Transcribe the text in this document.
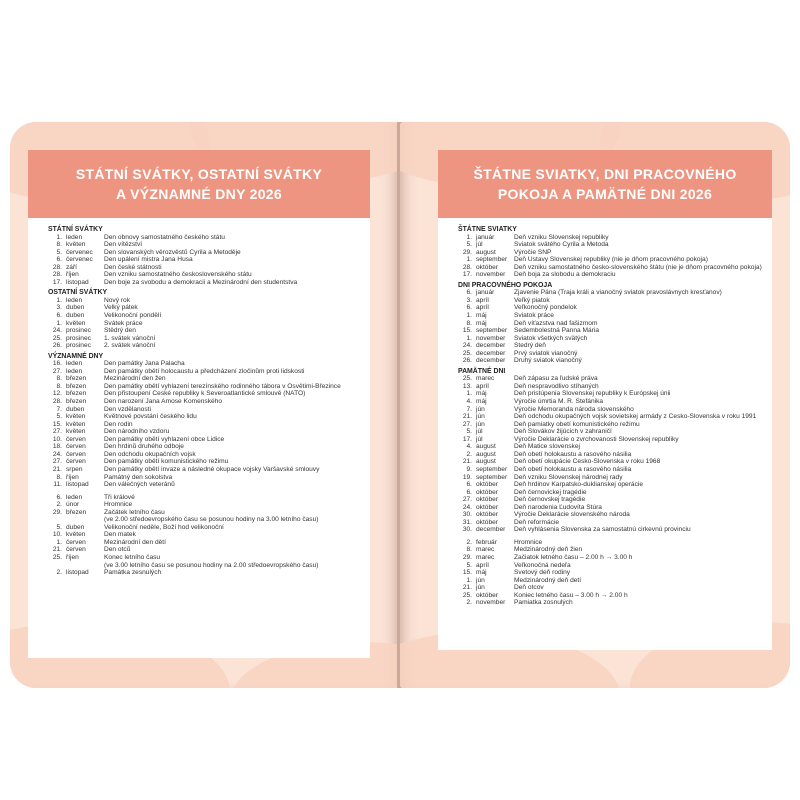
STÁTNÍ SVÁTKY, OSTATNÍ SVÁTKY
A VÝZNAMNÉ DNY 2026
STÁTNÍ SVÁTKY
1. leden	Den obnovy samostatného českého státu
8. květen	Den vítězství
5. červenec	Den slovanských věrozvěstů Cyrila a Metoděje
6. červenec	Den upálení mistra Jana Husa
28. září	Den české státnosti
28. říjen	Den vzniku samostatného československého státu
17. listopad	Den boje za svobodu a demokracii a Mezinárodní den studentstva
OSTATNÍ SVÁTKY
1. leden	Nový rok
3. duben	Velký pátek
6. duben	Velikonoční pondělí
1. květen	Svátek práce
24. prosinec	Štědrý den
25. prosinec	1. svátek vánoční
26. prosinec	2. svátek vánoční
VÝZNAMNÉ DNY
16. leden	Den památky Jana Palacha
27. leden	Den památky obětí holocaustu a předcházení zločinům proti lidskosti
8. březen	Mezinárodní den žen
8. březen	Den památky obětí vyhlazení terezínského rodinného tábora v Osvětimi-Březince
12. březen	Den přistoupení České republiky k Severoatlantické smlouvě (NATO)
28. březen	Den narození Jana Amose Komenského
7. duben	Den vzdělanosti
5. květen	Květnové povstání českého lidu
15. květen	Den rodin
27. květen	Den národního vzdoru
10. červen	Den památky obětí vyhlazení obce Lidice
18. červen	Den hrdinů druhého odboje
24. červen	Den odchodu okupačních vojsk
27. červen	Den památky obětí komunistického režimu
21. srpen	Den památky obětí invaze a následné okupace vojsky Varšavské smlouvy
8. říjen	Památný den sokolstva
11. listopad	Den válečných veteránů
6. leden	Tři králové
2. únor	Hromnice
29. březen	Začátek letního času
(ve 2.00 středoevropského času se posunou hodiny na 3.00 letního času)
5. duben	Velikonoční neděle, Boží hod velikonoční
10. květen	Den matek
1. červen	Mezinárodní den dětí
21. červen	Den otců
25. říjen	Konec letního času
(ve 3.00 letního času se posunou hodiny na 2.00 středoevropského času)
2. listopad	Památka zesnulých
ŠTÁTNE SVIATKY, DNI PRACOVNÉHO
POKOJA A PAMÄTNÉ DNI 2026
ŠTÁTNE SVIATKY
1. január	Deň vzniku Slovenskej republiky
5. júl	Sviatok svätého Cyrila a Metoda
29. august	Výročie SNP
1. september	Deň Ústavy Slovenskej republiky (nie je dňom pracovného pokoja)
28. október	Deň vzniku samostatného česko-slovenského štátu (nie je dňom pracovného pokoja)
17. november	Deň boja za slobodu a demokraciu
DNI PRACOVNÉHO POKOJA
6. január	Zjavenie Pána (Traja králi a vianočný sviatok pravoslávnych kresťanov)
3. apríl	Veľký piatok
6. apríl	Veľkonočný pondelok
1. máj	Sviatok práce
8. máj	Deň víťazstva nad fašizmom
15. september	Sedembolestná Panna Mária
1. november	Sviatok všetkých svätých
24. december	Štedrý deň
25. december	Prvý sviatok vianočný
26. december	Druhý sviatok vianočný
PAMÄTNÉ DNI
25. marec	Deň zápasu za ľudské práva
13. apríl	Deň nespravodlivo stíhaných
1. máj	Deň pristúpenia Slovenskej republiky k Európskej únii
4. máj	Výročie úmrtia M. R. Štefánika
7. jún	Výročie Memoranda národa slovenského
21. jún	Deň odchodu okupačných vojsk sovietskej armády z Česko-Slovenska v roku 1991
27. jún	Deň pamiatky obetí komunistického režimu
5. júl	Deň Slovákov žijúcich v zahraničí
17. júl	Výročie Deklarácie o zvrchovanosti Slovenskej republiky
4. august	Deň Matice slovenskej
2. august	Deň obetí holokaustu a rasového násilia
21. august	Deň obetí okupácie Česko-Slovenska v roku 1968
9. september	Deň obetí holokaustu a rasového násilia
19. september	Deň vzniku Slovenskej národnej rady
6. október	Deň hrdinov Karpatsko-duklianskej operácie
6. október	Deň černovickej tragédie
27. október	Deň černovskej tragédie
24. október	Deň narodenia Ľudovíta Štúra
30. október	Výročie Deklarácie slovenského národa
31. október	Deň reformácie
30. december	Deň vyhlásenia Slovenska za samostatnú cirkevnú provinciu
2. február	Hromnice
8. marec	Medzinárodný deň žien
29. marec	Začiatok letného času – 2.00 h → 3.00 h
5. apríl	Veľkonočná nedeľa
15. máj	Svetový deň rodiny
1. jún	Medzinárodný deň detí
21. jún	Deň otcov
25. október	Koniec letného času – 3.00 h → 2.00 h
2. november	Pamiatka zosnulých
